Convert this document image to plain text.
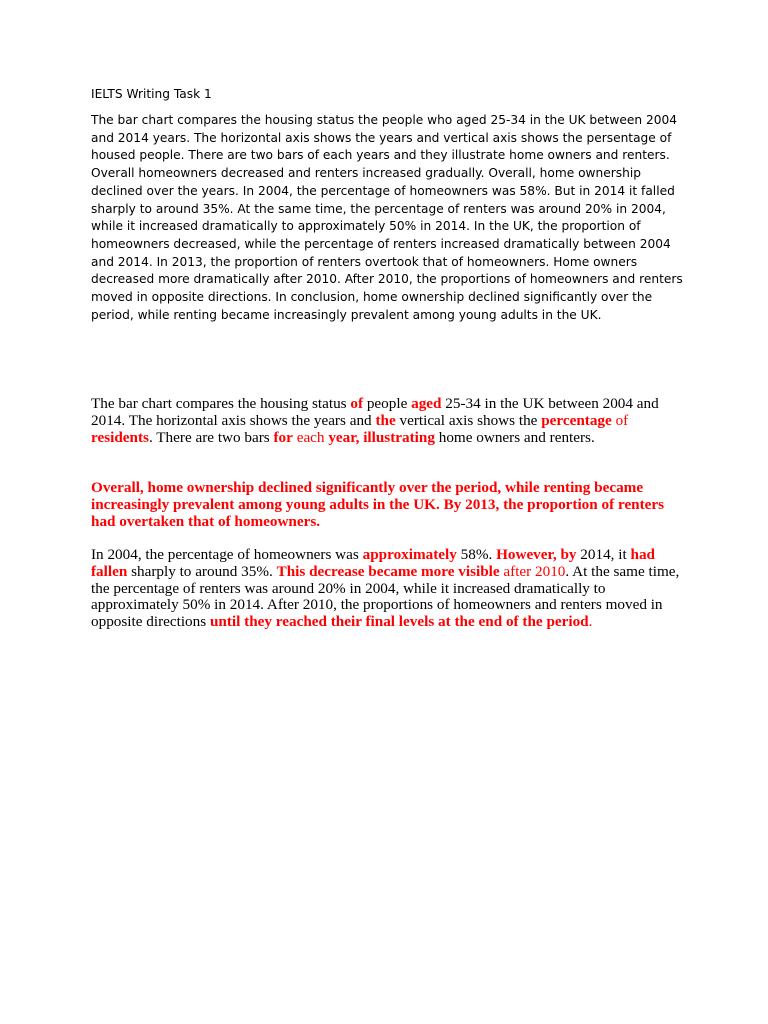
IELTS Writing Task 1

The bar chart compares the housing status the people who aged 25-34 in the UK between 2004 and 2014 years. The horizontal axis shows the years and vertical axis shows the persentage of housed people. There are two bars of each years and they illustrate home owners and renters. Overall homeowners decreased and renters increased gradually. Overall, home ownership declined over the years. In 2004, the percentage of homeowners was 58%. But in 2014 it falled sharply to around 35%. At the same time, the percentage of renters was around 20% in 2004, while it increased dramatically to approximately 50% in 2014. In the UK, the proportion of homeowners decreased, while the percentage of renters increased dramatically between 2004 and 2014. In 2013, the proportion of renters overtook that of homeowners. Home owners decreased more dramatically after 2010. After 2010, the proportions of homeowners and renters moved in opposite directions. In conclusion, home ownership declined significantly over the period, while renting became increasingly prevalent among young adults in the UK.

The bar chart compares the housing status of people aged 25-34 in the UK between 2004 and 2014. The horizontal axis shows the years and the vertical axis shows the percentage of residents. There are two bars for each year, illustrating home owners and renters.

Overall, home ownership declined significantly over the period, while renting became increasingly prevalent among young adults in the UK. By 2013, the proportion of renters had overtaken that of homeowners.

In 2004, the percentage of homeowners was approximately 58%. However, by 2014, it had fallen sharply to around 35%. This decrease became more visible after 2010. At the same time, the percentage of renters was around 20% in 2004, while it increased dramatically to approximately 50% in 2014. After 2010, the proportions of homeowners and renters moved in opposite directions until they reached their final levels at the end of the period.
